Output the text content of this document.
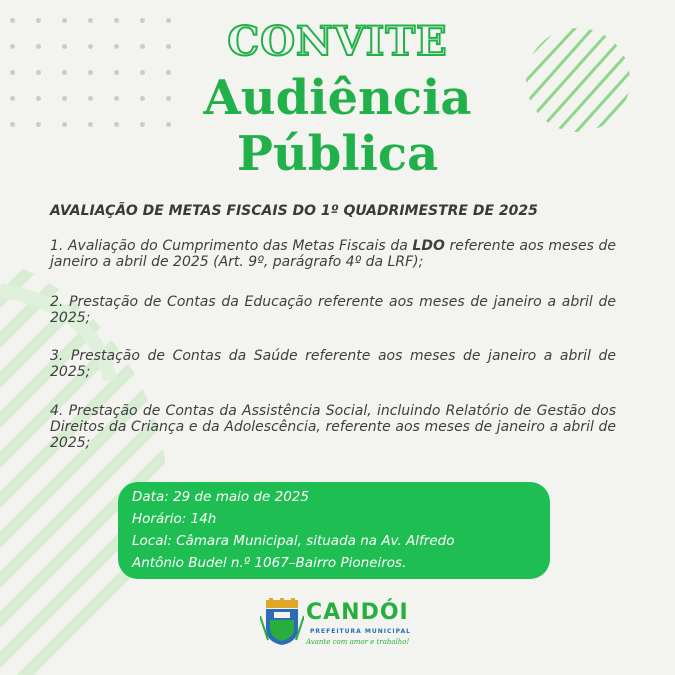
CONVITE
Audiência
Pública
AVALIAÇÃO DE METAS FISCAIS DO 1º QUADRIMESTRE DE 2025
1. Avaliação do Cumprimento das Metas Fiscais da LDO referente aos meses de janeiro a abril de 2025 (Art. 9º, parágrafo 4º da LRF);
2. Prestação de Contas da Educação referente aos meses de janeiro a abril de 2025;
3. Prestação de Contas da Saúde referente aos meses de janeiro a abril de 2025;
4. Prestação de Contas da Assistência Social, incluindo Relatório de Gestão dos Direitos da Criança e da Adolescência, referente aos meses de janeiro a abril de 2025;
Data: 29 de maio de 2025
Horário: 14h
Local: Câmara Municipal, situada na Av. Alfredo
Antônio Budel n.º 1067–Bairro Pioneiros.
CANDÓI
PREFEITURA MUNICIPAL
Avante com amor e trabalho!
